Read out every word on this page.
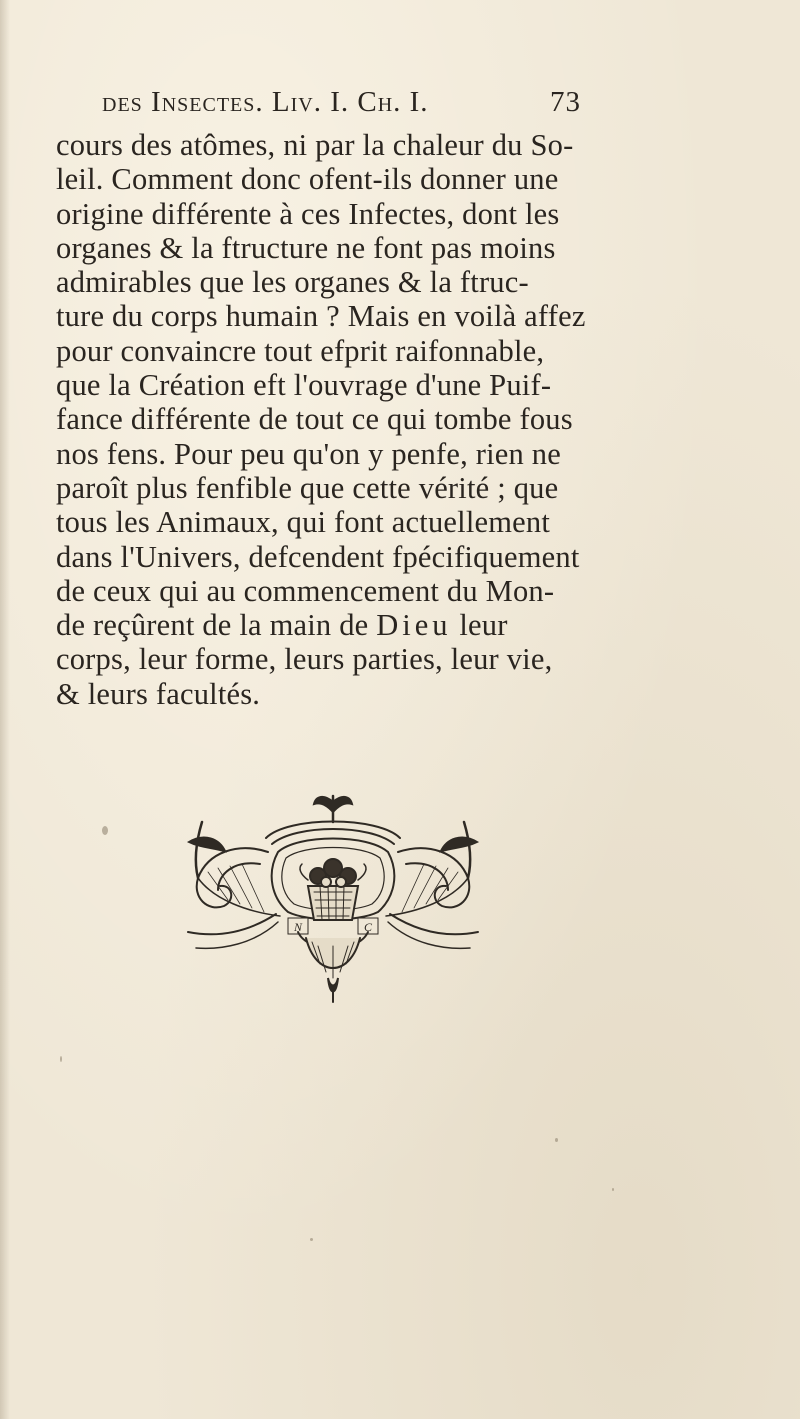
des Insectes. Liv. I. Ch. I.	73
cours des atômes, ni par la chaleur du So-
leil. Comment donc ofent-ils donner une
origine différente à ces Infectes, dont les
organes & la ftructure ne font pas moins
admirables que les organes & la ftruc-
ture du corps humain ? Mais en voilà affez
pour convaincre tout efprit raifonnable,
que la Création eft l'ouvrage d'une Puif-
fance différente de tout ce qui tombe fous
nos fens. Pour peu qu'on y penfe, rien ne
paroît plus fenfible que cette vérité ; que
tous les Animaux, qui font actuellement
dans l'Univers, defcendent fpécifiquement
de ceux qui au commencement du Mon-
de reçûrent de la main de Dieu leur
corps, leur forme, leurs parties, leur vie,
& leurs facultés.
N	C
